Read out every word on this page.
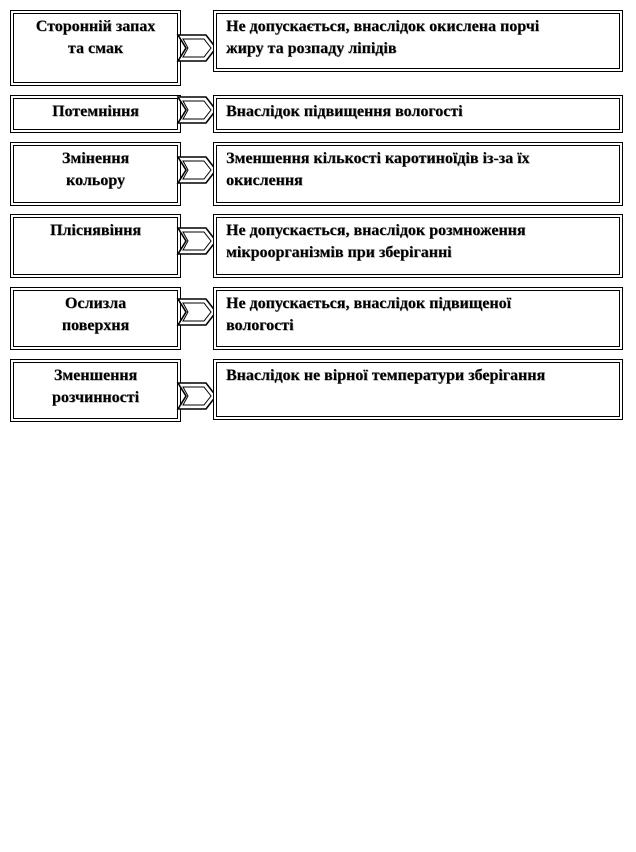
Сторонній запах
та смак
Не допускається, внаслідок окислена порчі
жиру та розпаду ліпідів
Потемніння	Внаслідок підвищення вологості
Змінення
кольору
Зменшення кількості каротиноїдів із-за їх
окислення
Пліснявіння	Не допускається, внаслідок розмноження
мікроорганізмів при зберіганні
Ослизла
поверхня
Не допускається, внаслідок підвищеної
вологості
Зменшення
розчинності
Внаслідок не вірної температури зберігання
